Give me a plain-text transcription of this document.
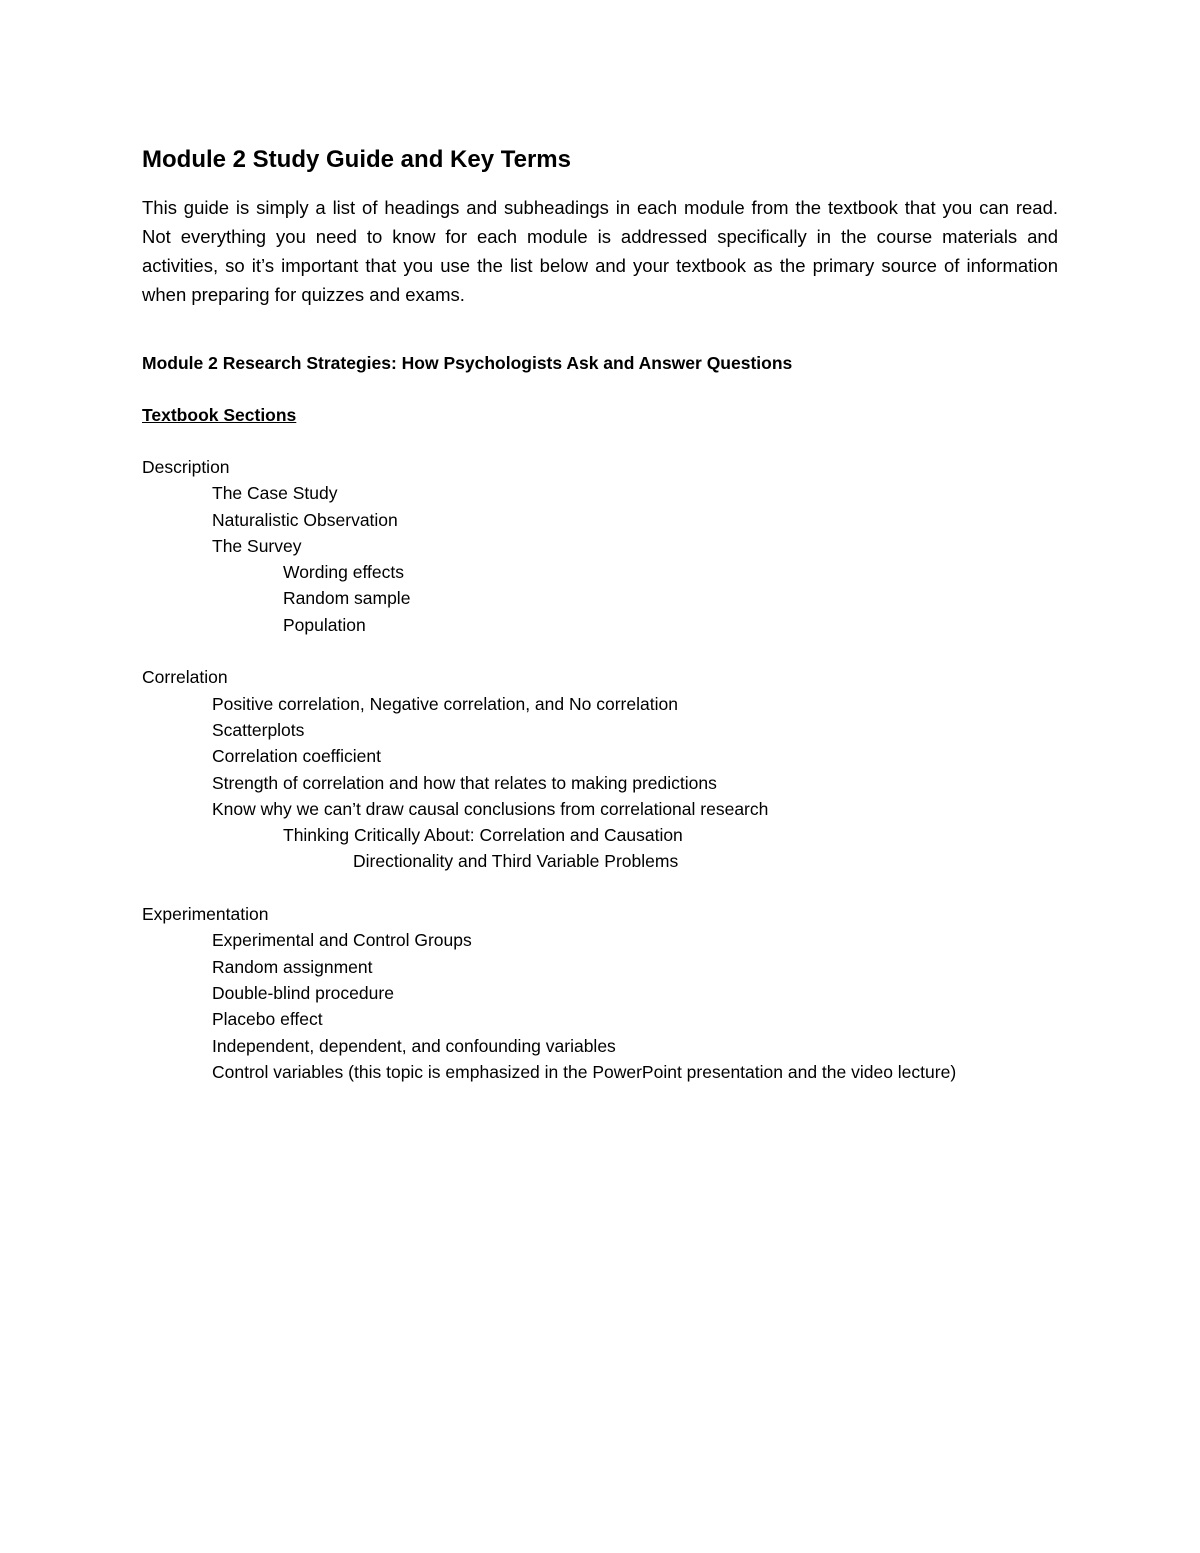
Module 2 Study Guide and Key Terms

This guide is simply a list of headings and subheadings in each module from the textbook that you can read. Not everything you need to know for each module is addressed specifically in the course materials and activities, so it’s important that you use the list below and your textbook as the primary source of information when preparing for quizzes and exams.

Module 2 Research Strategies: How Psychologists Ask and Answer Questions
Textbook Sections
Description
The Case Study
Naturalistic Observation
The Survey
Wording effects
Random sample
Population
Correlation
Positive correlation, Negative correlation, and No correlation
Scatterplots
Correlation coefficient
Strength of correlation and how that relates to making predictions
Know why we can’t draw causal conclusions from correlational research
Thinking Critically About: Correlation and Causation
Directionality and Third Variable Problems
Experimentation
Experimental and Control Groups
Random assignment
Double-blind procedure
Placebo effect
Independent, dependent, and confounding variables
Control variables (this topic is emphasized in the PowerPoint presentation and the video lecture)
